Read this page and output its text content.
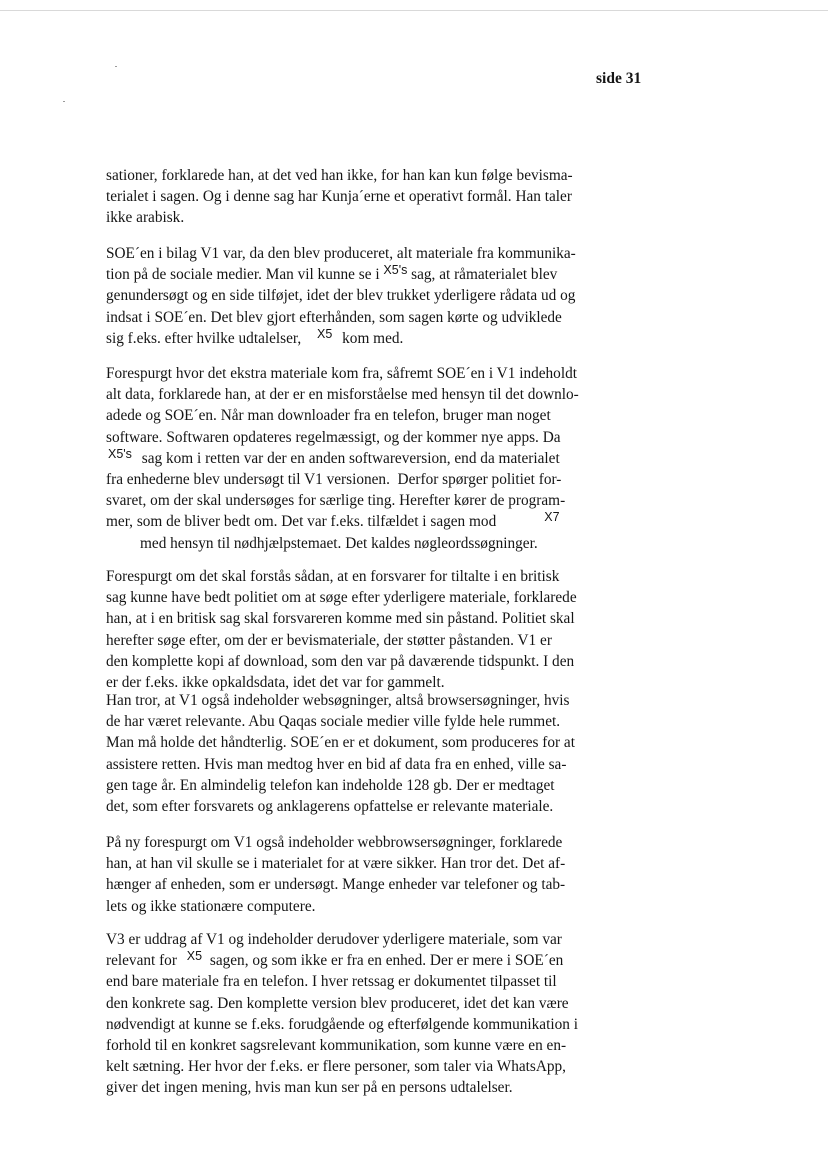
side 31
sationer, forklarede han, at det ved han ikke, for han kan kun følge bevisma-
terialet i sagen. Og i denne sag har Kunja´erne et operativt formål. Han taler
ikke arabisk.
SOE´en i bilag V1 var, da den blev produceret, alt materiale fra kommunika-
tion på de sociale medier. Man vil kunne se i $^{X5's}$ sag, at råmaterialet blev
genundersøgt og en side tilføjet, idet der blev trukket yderligere rådata ud og
indsat i SOE´en. Det blev gjort efterhånden, som sagen kørte og udviklede
sig f.eks. efter hvilke udtalelser, $^{X5}$ kom med.
Forespurgt hvor det ekstra materiale kom fra, såfremt SOE´en i V1 indeholdt
alt data, forklarede han, at der er en misforståelse med hensyn til det downlo-
adede og SOE´en. Når man downloader fra en telefon, bruger man noget
software. Softwaren opdateres regelmæssigt, og der kommer nye apps. Da
$^{X5's}$ sag kom i retten var der en anden softwareversion, end da materialet
fra enhederne blev undersøgt til V1 versionen.  Derfor spørger politiet for-
svaret, om der skal undersøges for særlige ting. Herefter kører de program-
mer, som de bliver bedt om. Det var f.eks. tilfældet i sagen mod	$^{X7}$
med hensyn til nødhjælpstemaet. Det kaldes nøgleordssøgninger.
Forespurgt om det skal forstås sådan, at en forsvarer for tiltalte i en britisk
sag kunne have bedt politiet om at søge efter yderligere materiale, forklarede
han, at i en britisk sag skal forsvareren komme med sin påstand. Politiet skal
herefter søge efter, om der er bevismateriale, der støtter påstanden. V1 er
den komplette kopi af download, som den var på daværende tidspunkt. I den
er der f.eks. ikke opkaldsdata, idet det var for gammelt.
Han tror, at V1 også indeholder websøgninger, altså browsersøgninger, hvis
de har været relevante. Abu Qaqas sociale medier ville fylde hele rummet.
Man må holde det håndterlig. SOE´en er et dokument, som produceres for at
assistere retten. Hvis man medtog hver en bid af data fra en enhed, ville sa-
gen tage år. En almindelig telefon kan indeholde 128 gb. Der er medtaget
det, som efter forsvarets og anklagerens opfattelse er relevante materiale.
På ny forespurgt om V1 også indeholder webbrowsersøgninger, forklarede
han, at han vil skulle se i materialet for at være sikker. Han tror det. Det af-
hænger af enheden, som er undersøgt. Mange enheder var telefoner og tab-
lets og ikke stationære computere.
V3 er uddrag af V1 og indeholder derudover yderligere materiale, som var
relevant for $^{X5}$ sagen, og som ikke er fra en enhed. Der er mere i SOE´en
end bare materiale fra en telefon. I hver retssag er dokumentet tilpasset til
den konkrete sag. Den komplette version blev produceret, idet det kan være
nødvendigt at kunne se f.eks. forudgående og efterfølgende kommunikation i
forhold til en konkret sagsrelevant kommunikation, som kunne være en en-
kelt sætning. Her hvor der f.eks. er flere personer, som taler via WhatsApp,
giver det ingen mening, hvis man kun ser på en persons udtalelser.
